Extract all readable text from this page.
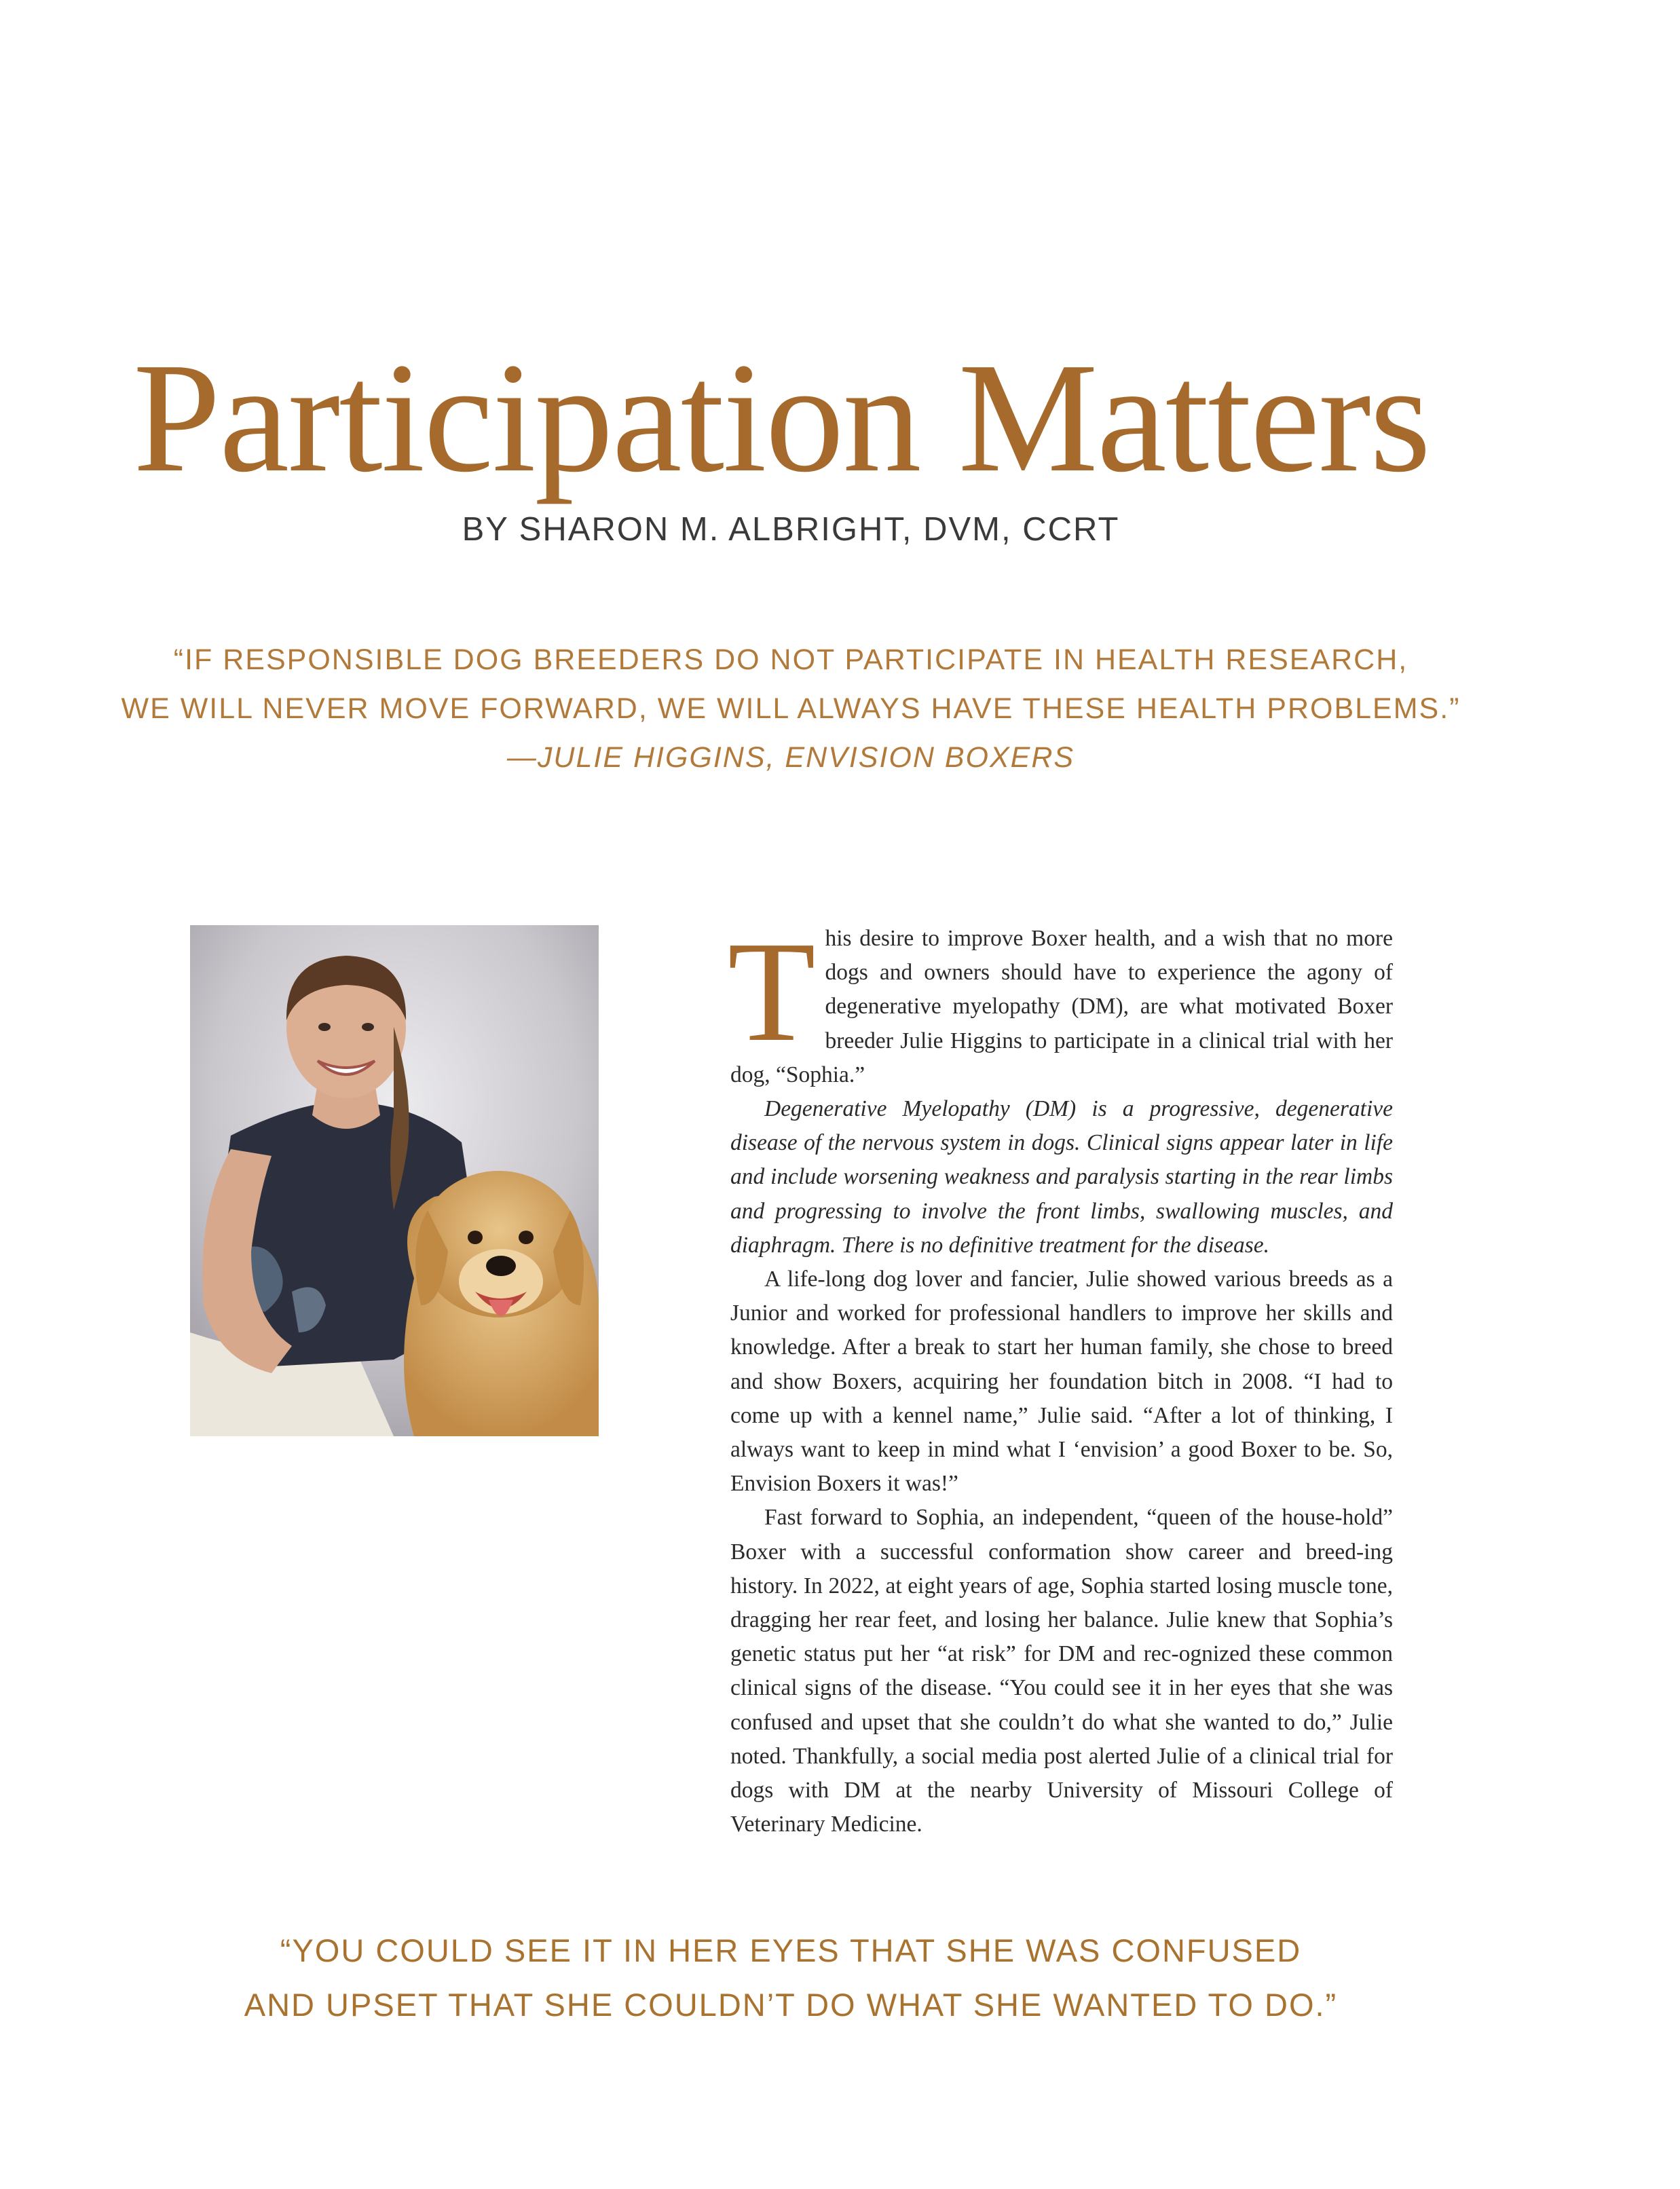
Participation Matters
BY SHARON M. ALBRIGHT, DVM, CCRT
“IF RESPONSIBLE DOG BREEDERS DO NOT PARTICIPATE IN HEALTH RESEARCH,
WE WILL NEVER MOVE FORWARD, WE WILL ALWAYS HAVE THESE HEALTH PROBLEMS.”
—JULIE HIGGINS, ENVISION BOXERS

This desire to improve Boxer health, and a wish that no more dogs and owners should have to experience the agony of degenerative myelopathy (DM), are what motivated Boxer breeder Julie Higgins to participate in a clinical trial with her dog, “Sophia.”

Degenerative Myelopathy (DM) is a progressive, degenerative disease of the nervous system in dogs. Clinical signs appear later in life and include worsening weakness and paralysis starting in the rear limbs and progressing to involve the front limbs, swallowing muscles, and diaphragm. There is no definitive treatment for the disease.

A life-long dog lover and fancier, Julie showed various breeds as a Junior and worked for professional handlers to improve her skills and knowledge. After a break to start her human family, she chose to breed and show Boxers, acquiring her foundation bitch in 2008. “I had to come up with a kennel name,” Julie said. “After a lot of thinking, I always want to keep in mind what I ‘envision’ a good Boxer to be. So, Envision Boxers it was!”

Fast forward to Sophia, an independent, “queen of the house-hold” Boxer with a successful conformation show career and breed-ing history. In 2022, at eight years of age, Sophia started losing muscle tone, dragging her rear feet, and losing her balance. Julie knew that Sophia’s genetic status put her “at risk” for DM and rec-ognized these common clinical signs of the disease. “You could see it in her eyes that she was confused and upset that she couldn’t do what she wanted to do,” Julie noted. Thankfully, a social media post alerted Julie of a clinical trial for dogs with DM at the nearby University of Missouri College of Veterinary Medicine.

“YOU COULD SEE IT IN HER EYES THAT SHE WAS CONFUSED
AND UPSET THAT SHE COULDN’T DO WHAT SHE WANTED TO DO.”
